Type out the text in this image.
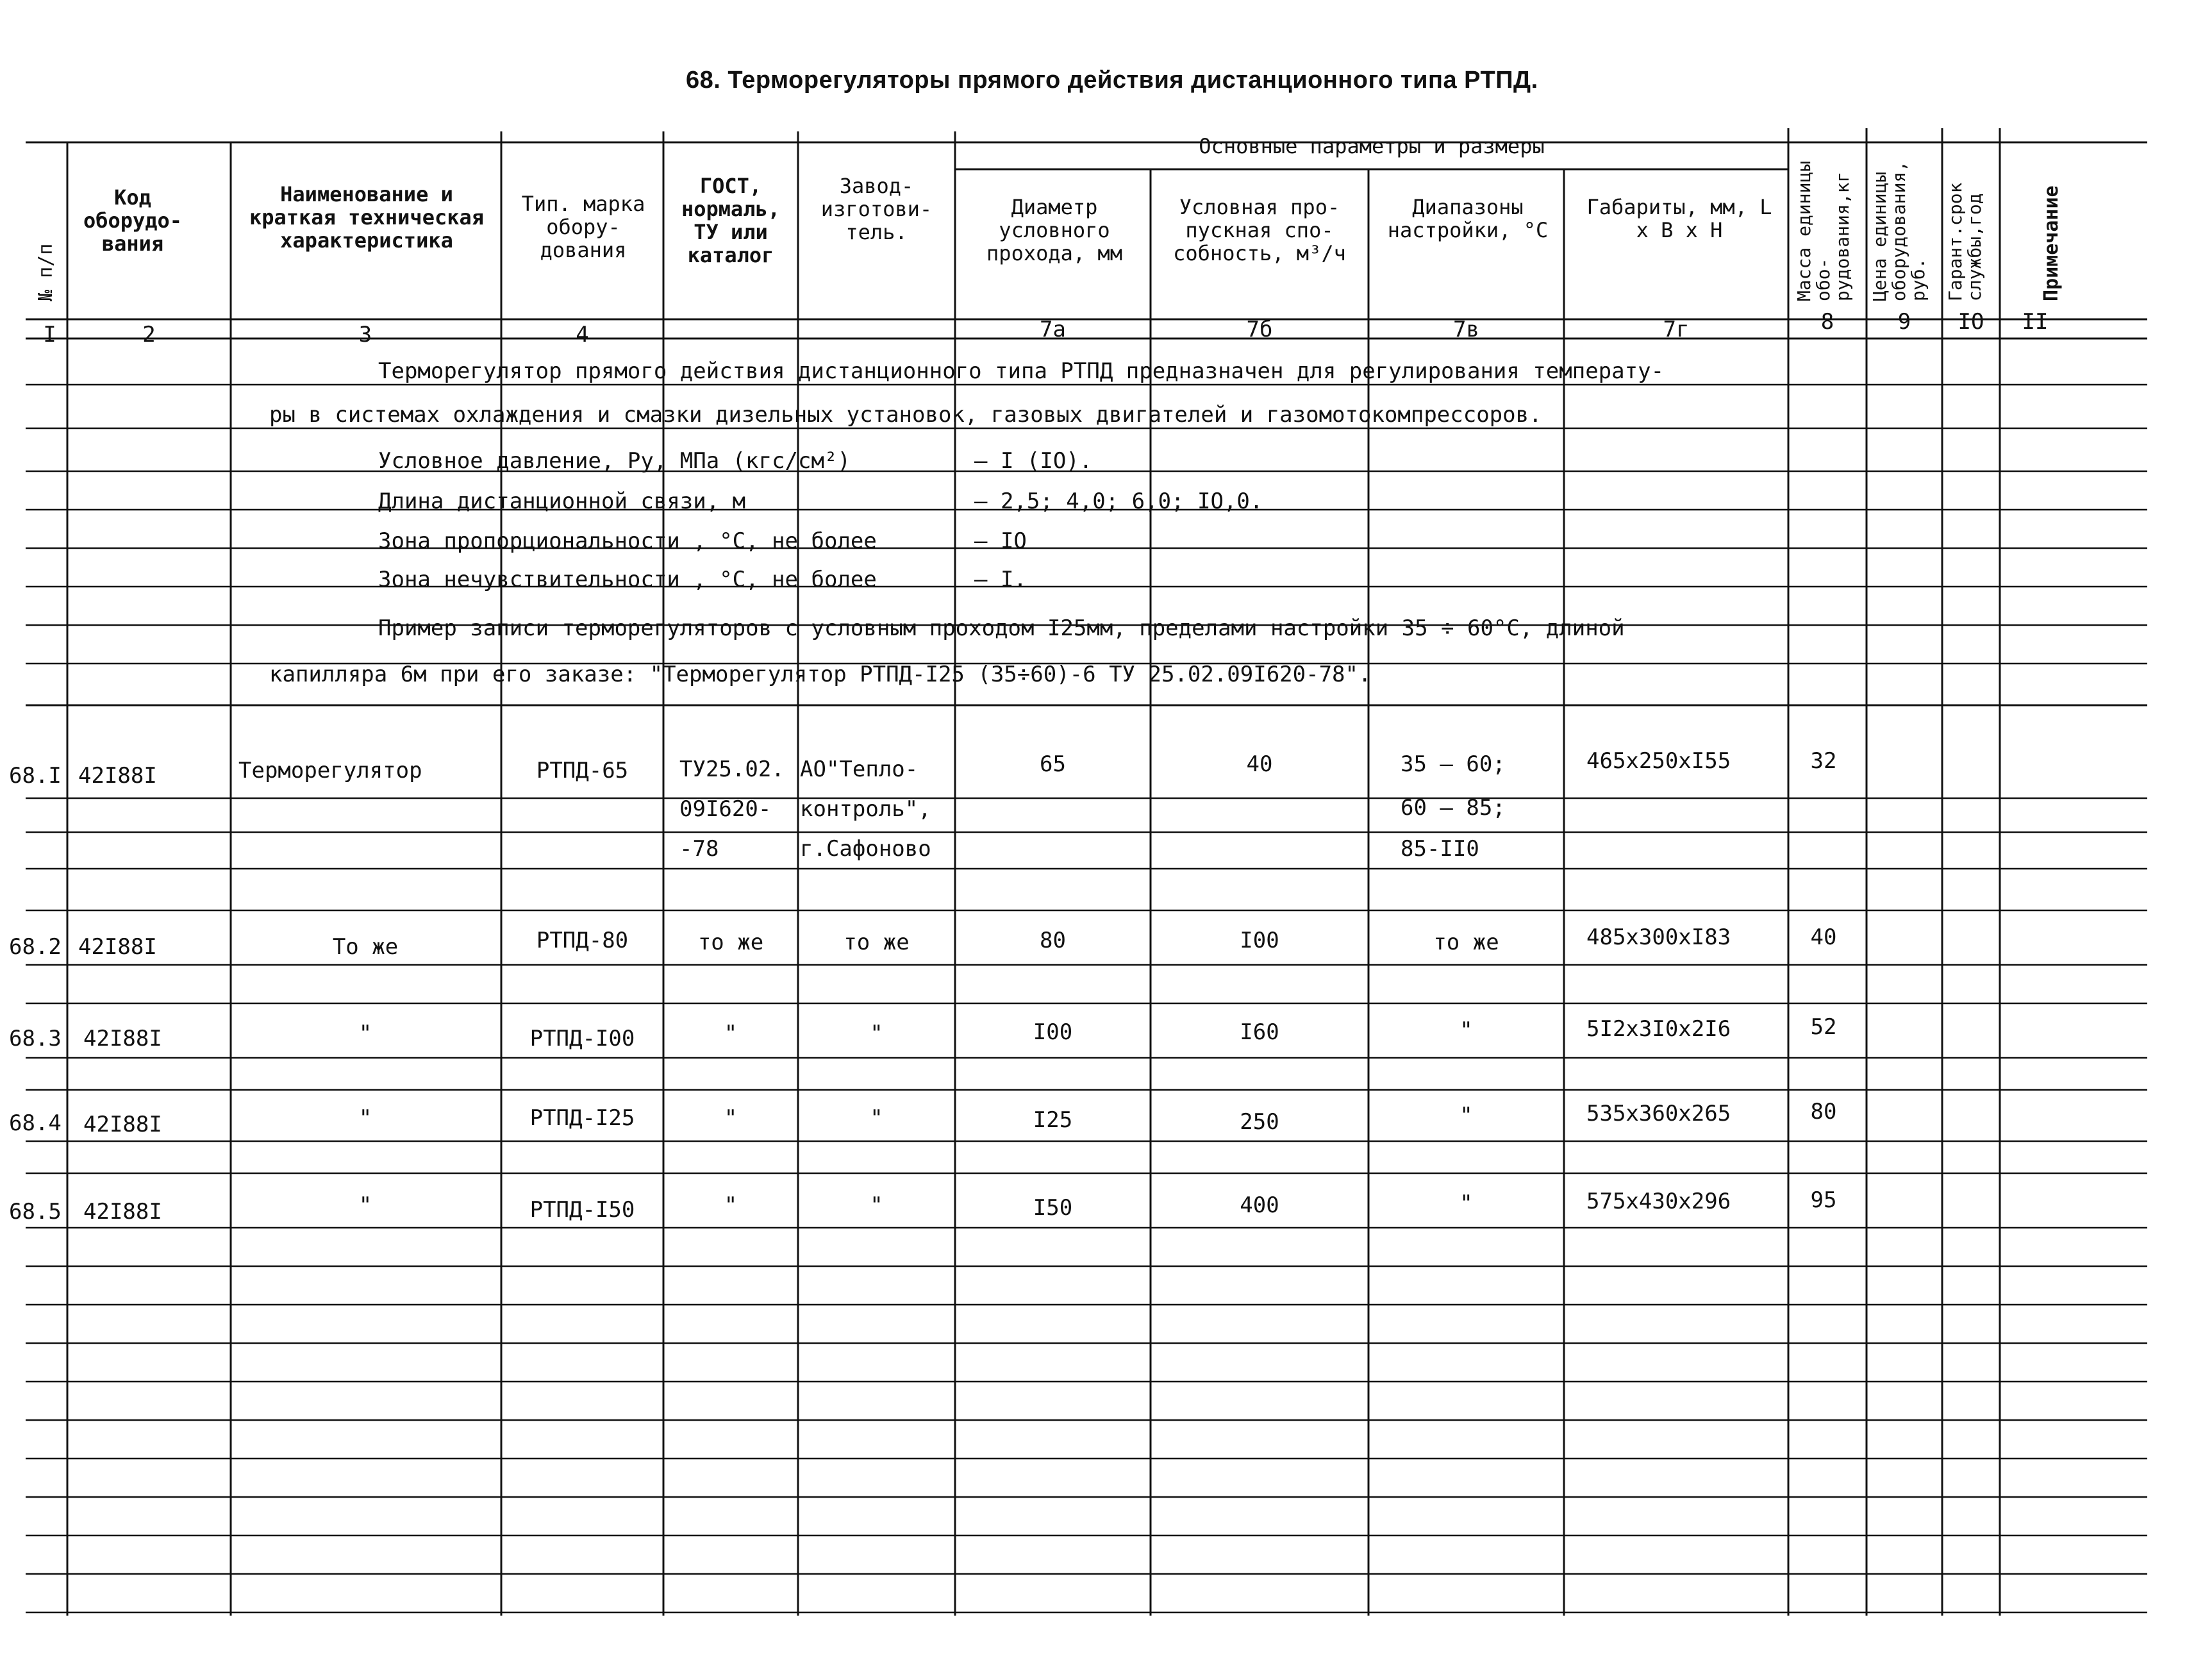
68. Терморегуляторы прямого действия дистанционного типа РТПД.
№ п/п
Код оборудо-вания
Наименование и краткая техническая характеристика
Тип. марка обору-дования
ГОСТ, нормаль, ТУ или каталог
Завод-изготови-тель.
Основные параметры и размеры
Диаметр условного прохода, мм
Условная про-пускная спо-собность, м³/ч
Диапазоны настройки, °С
Габариты, мм, L x B x H	Масса единицы обо-рудования,кг Цена единицы оборудования, руб. Гарант.срок службы,год	Примечание
I	2	3	4	7а	7б	7в	7г	8	9	IO	II
Терморегулятор прямого действия дистанционного типа РТПД предназначен для регулирования температу-
ры в системах охлаждения и смазки дизельных установок, газовых двигателей и газомотокомпрессоров.
Условное давление, Ру, МПа (кгс/см²)	– I (IO).
Длина дистанционной связи, м	– 2,5; 4,0; 6,0; IO,0.
Зона пропорциональности , °С, не более	– IO
Зона нечувствительности , °С, не более	– I.
Пример записи терморегуляторов с условным проходом I25мм, пределами настройки 35 ÷ 60°С, длиной
капилляра 6м при его заказе: "Терморегулятор РТПД-I25 (35÷60)-6 ТУ 25.02.09I620-78".
68.I 42I88I	Терморегулятор	РТПД-65	ТУ25.02.
09I620-
-78
АО"Тепло-
контроль",
г.Сафоново
65	40	35 – 60;
60 – 85;
85-II0
465x250xI55	32
68.2 42I88I	То же	РТПД-80	то же	то же	80	I00	то же	485x300xI83	40
68.3 42I88I	"	РТПД-I00	"	"	I00	I60	"	5I2x3I0x2I6	52
68.4 42I88I	"	РТПД-I25	"	"	I25	250	"	535x360x265	80
68.5 42I88I	"	РТПД-I50	"	"	I50	400	"	575x430x296	95
